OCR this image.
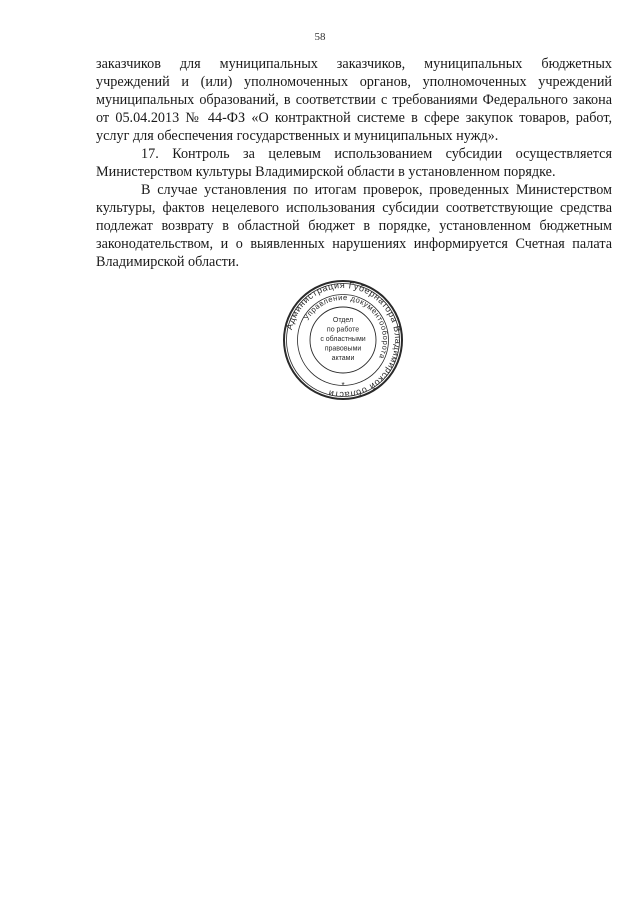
58

заказчиков для муниципальных заказчиков, муниципальных бюджетных учреждений и (или) уполномоченных органов, уполномоченных учреждений муниципальных образований, в соответствии с требованиями Федерального закона от 05.04.2013 № 44-ФЗ «О контрактной системе в сфере закупок товаров, работ, услуг для обеспечения государственных и муниципальных нужд».

17. Контроль за целевым использованием субсидии осуществляется Министерством культуры Владимирской области в установленном порядке.

В случае установления по итогам проверок, проведенных Министерством культуры, фактов нецелевого использования субсидии соответствующие средства подлежат возврату в областной бюджет в порядке, установленном бюджетным законодательством, и о выявленных нарушениях информируется Счетная палата Владимирской области.

Администрация Губернатора Владимирской области
Управление документооборота
*
Отдел
по работе
с областными
правовыми
актами
